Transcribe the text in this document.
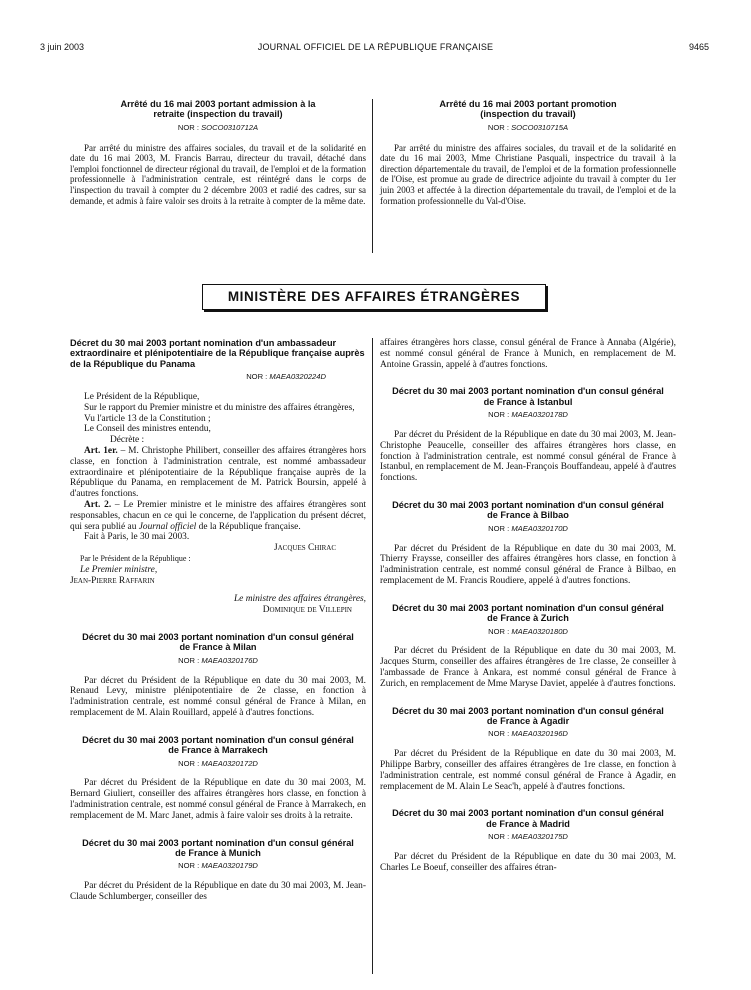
3 juin 2003	JOURNAL OFFICIEL DE LA RÉPUBLIQUE FRANÇAISE	9465
Arrêté du 16 mai 2003 portant admission à la retraite (inspection du travail)
NOR : SOCO0310712A

Par arrêté du ministre des affaires sociales, du travail et de la solidarité en date du 16 mai 2003, M. Francis Barrau, directeur du travail, détaché dans l'emploi fonctionnel de directeur régional du travail, de l'emploi et de la formation professionnelle à l'administration centrale, est réintégré dans le corps de l'inspection du travail à compter du 2 décembre 2003 et radié des cadres, sur sa demande, et admis à faire valoir ses droits à la retraite à compter de la même date.

Arrêté du 16 mai 2003 portant promotion (inspection du travail)
NOR : SOCO0310715A

Par arrêté du ministre des affaires sociales, du travail et de la solidarité en date du 16 mai 2003, Mme Christiane Pasquali, inspectrice du travail à la direction départementale du travail, de l'emploi et de la formation professionnelle de l'Oise, est promue au grade de directrice adjointe du travail à compter du 1er juin 2003 et affectée à la direction départementale du travail, de l'emploi et de la formation professionnelle du Val-d'Oise.

MINISTÈRE DES AFFAIRES ÉTRANGÈRES
Décret du 30 mai 2003 portant nomination d'un ambassadeur extraordinaire et plénipotentiaire de la République française auprès de la République du Panama
NOR : MAEA0320224D

Le Président de la République,

Sur le rapport du Premier ministre et du ministre des affaires étrangères,

Vu l'article 13 de la Constitution ;

Le Conseil des ministres entendu,

Décrète :

Art. 1er. – M. Christophe Philibert, conseiller des affaires étrangères hors classe, en fonction à l'administration centrale, est nommé ambassadeur extraordinaire et plénipotentiaire de la République française auprès de la République du Panama, en remplacement de M. Patrick Boursin, appelé à d'autres fonctions.

Art. 2. – Le Premier ministre et le ministre des affaires étrangères sont responsables, chacun en ce qui le concerne, de l'application du présent décret, qui sera publié au Journal officiel de la République française.

Fait à Paris, le 30 mai 2003.

Jacques Chirac

Par le Président de la République :

Le Premier ministre,

Jean-Pierre Raffarin

Le ministre des affaires étrangères,

Dominique de Villepin

Décret du 30 mai 2003 portant nomination d'un consul général de France à Milan
NOR : MAEA0320176D

Par décret du Président de la République en date du 30 mai 2003, M. Renaud Levy, ministre plénipotentiaire de 2e classe, en fonction à l'administration centrale, est nommé consul général de France à Milan, en remplacement de M. Alain Rouillard, appelé à d'autres fonctions.

Décret du 30 mai 2003 portant nomination d'un consul général de France à Marrakech
NOR : MAEA0320172D

Par décret du Président de la République en date du 30 mai 2003, M. Bernard Giuliert, conseiller des affaires étrangères hors classe, en fonction à l'administration centrale, est nommé consul général de France à Marrakech, en remplacement de M. Marc Janet, admis à faire valoir ses droits à la retraite.

Décret du 30 mai 2003 portant nomination d'un consul général de France à Munich
NOR : MAEA0320179D

Par décret du Président de la République en date du 30 mai 2003, M. Jean-Claude Schlumberger, conseiller des

affaires étrangères hors classe, consul général de France à Annaba (Algérie), est nommé consul général de France à Munich, en remplacement de M. Antoine Grassin, appelé à d'autres fonctions.

Décret du 30 mai 2003 portant nomination d'un consul général de France à Istanbul
NOR : MAEA0320178D

Par décret du Président de la République en date du 30 mai 2003, M. Jean-Christophe Peaucelle, conseiller des affaires étrangères hors classe, en fonction à l'administration centrale, est nommé consul général de France à Istanbul, en remplacement de M. Jean-François Bouffandeau, appelé à d'autres fonctions.

Décret du 30 mai 2003 portant nomination d'un consul général de France à Bilbao
NOR : MAEA0320170D

Par décret du Président de la République en date du 30 mai 2003, M. Thierry Fraysse, conseiller des affaires étrangères hors classe, en fonction à l'administration centrale, est nommé consul général de France à Bilbao, en remplacement de M. Francis Roudiere, appelé à d'autres fonctions.

Décret du 30 mai 2003 portant nomination d'un consul général de France à Zurich
NOR : MAEA0320180D

Par décret du Président de la République en date du 30 mai 2003, M. Jacques Sturm, conseiller des affaires étrangères de 1re classe, 2e conseiller à l'ambassade de France à Ankara, est nommé consul général de France à Zurich, en remplacement de Mme Maryse Daviet, appelée à d'autres fonctions.

Décret du 30 mai 2003 portant nomination d'un consul général de France à Agadir
NOR : MAEA0320196D

Par décret du Président de la République en date du 30 mai 2003, M. Philippe Barbry, conseiller des affaires étrangères de 1re classe, en fonction à l'administration centrale, est nommé consul général de France à Agadir, en remplacement de M. Alain Le Seac'h, appelé à d'autres fonctions.

Décret du 30 mai 2003 portant nomination d'un consul général de France à Madrid
NOR : MAEA0320175D

Par décret du Président de la République en date du 30 mai 2003, M. Charles Le Boeuf, conseiller des affaires étran-
